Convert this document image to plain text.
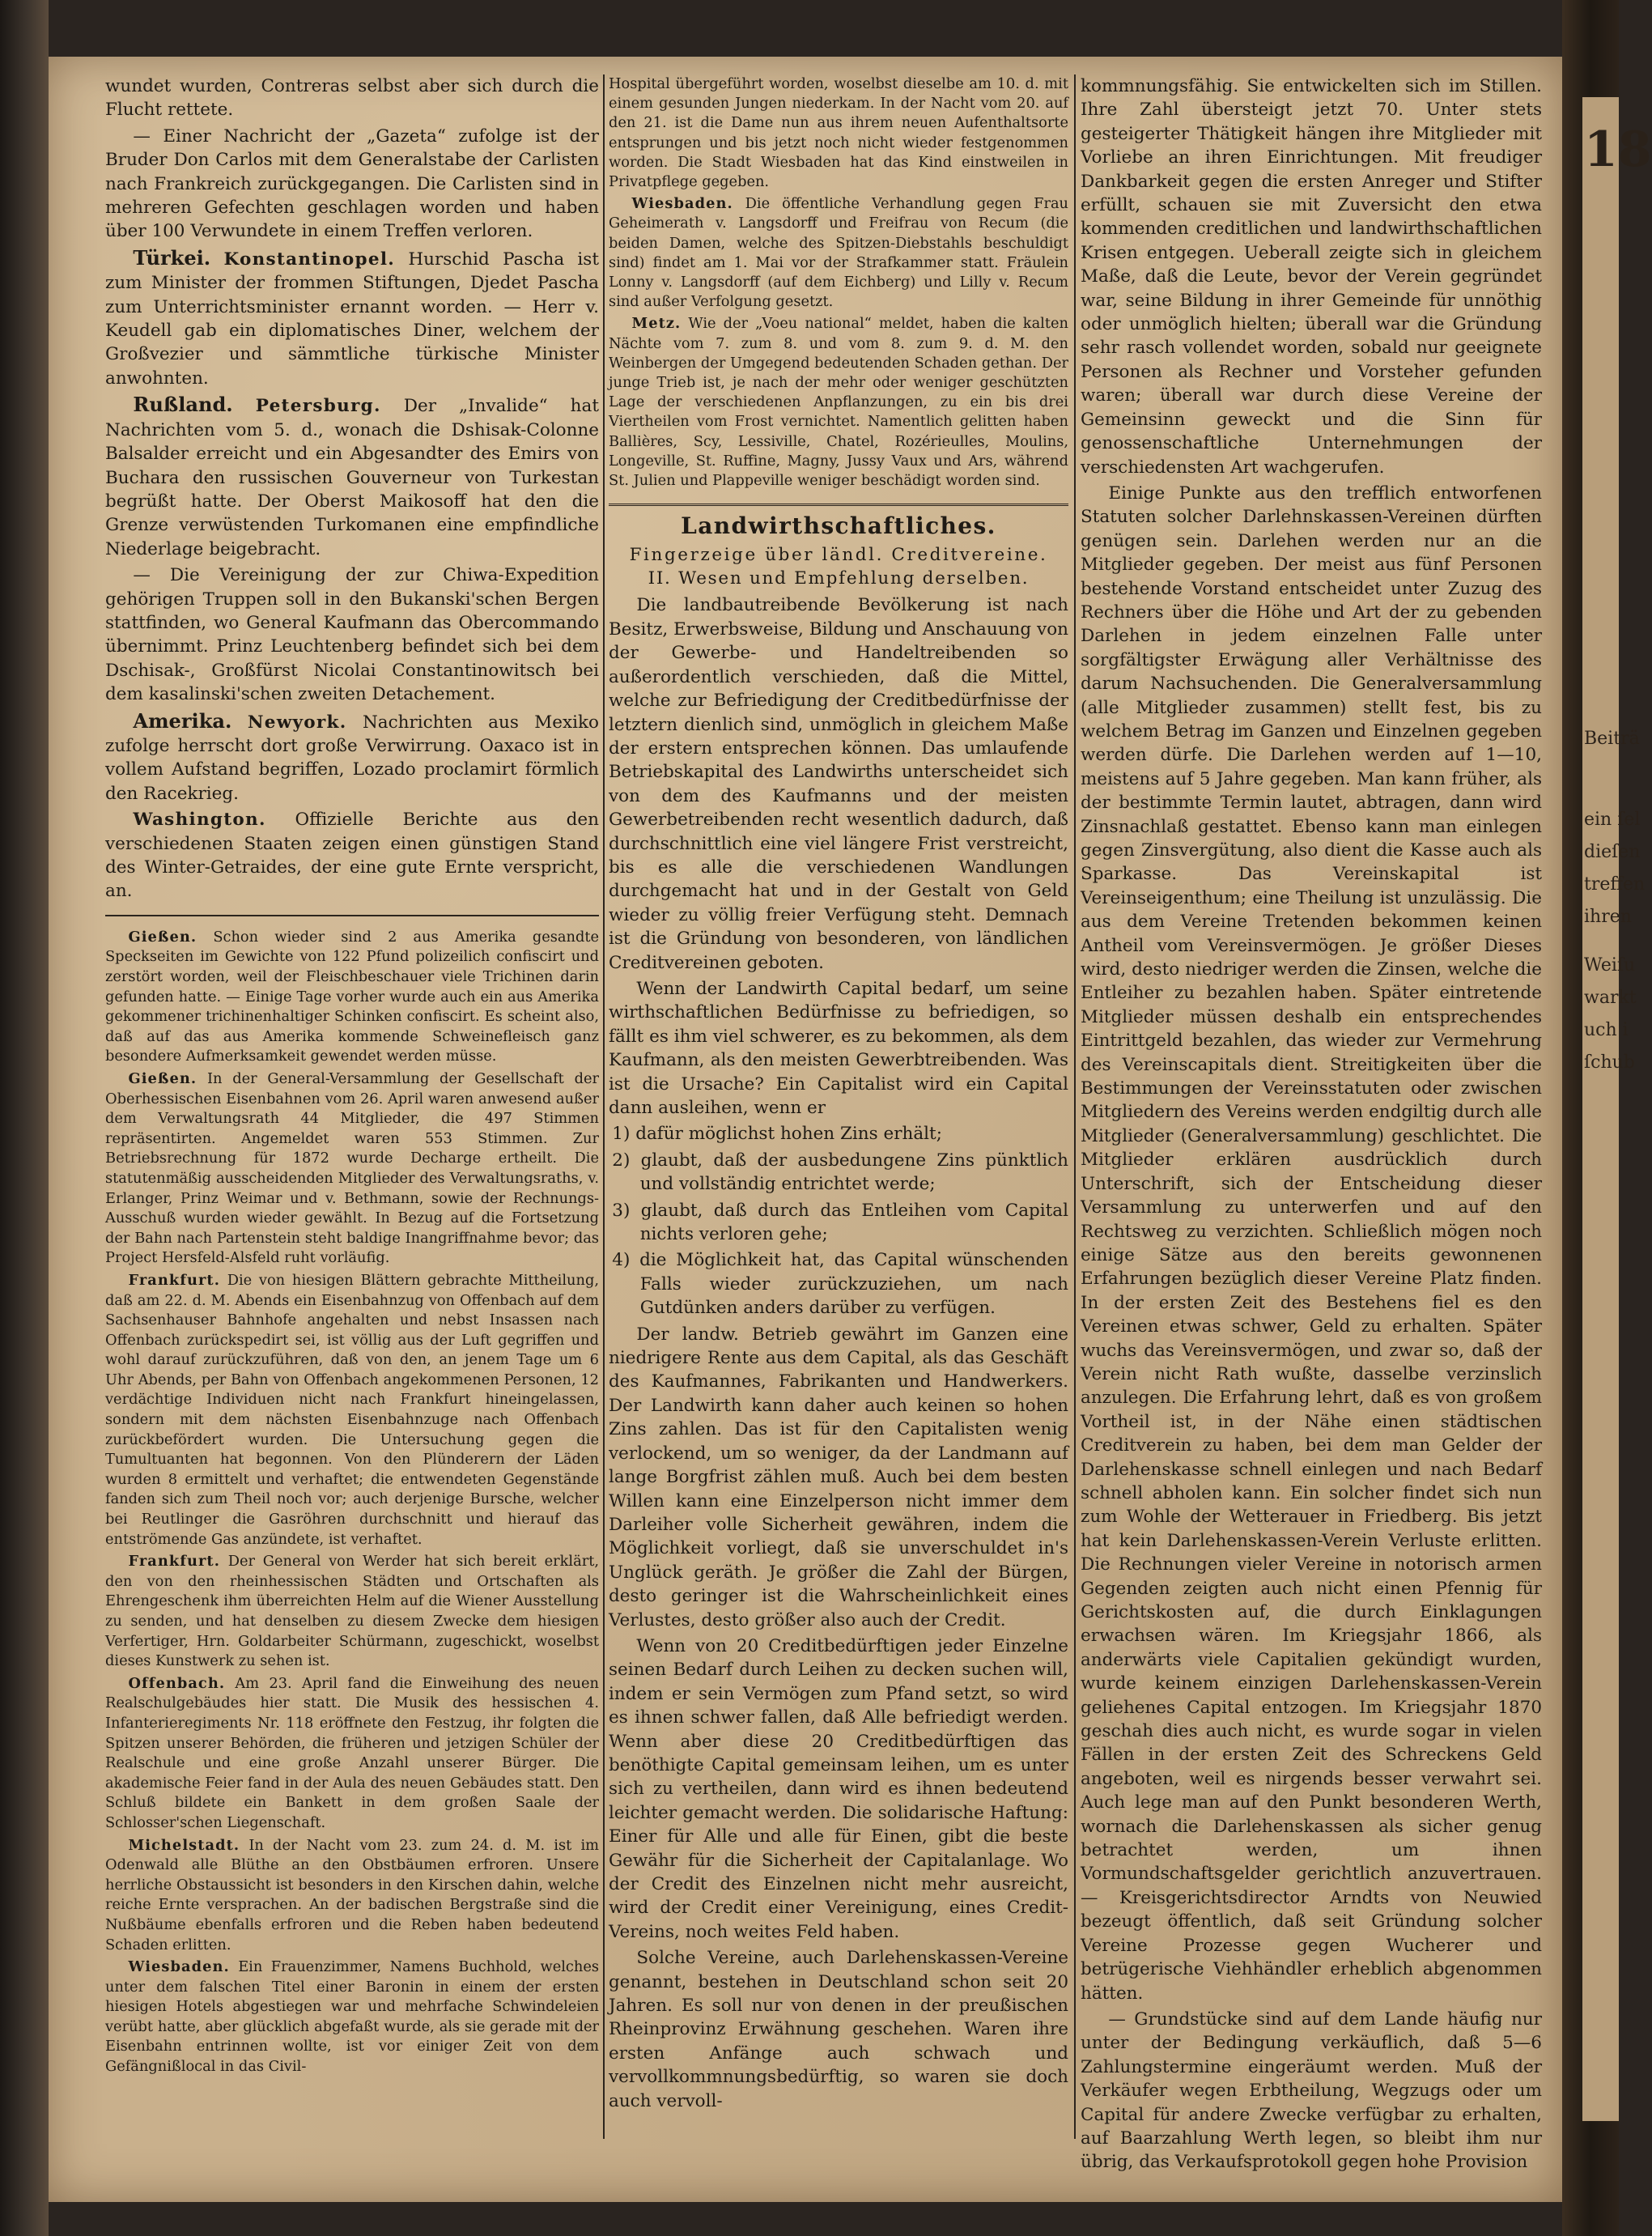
18
Beiträ
ein ſel
dieſen
treffen
ihren
Weiſu
warkt
uch i
ſchub

wundet wurden, Contreras selbst aber sich durch die Flucht rettete.

— Einer Nachricht der „Gazeta“ zufolge ist der Bruder Don Carlos mit dem Generalstabe der Carlisten nach Frankreich zurückgegangen. Die Carlisten sind in mehreren Gefechten geschlagen worden und haben über 100 Verwundete in einem Treffen verloren.

Türkei. Konstantinopel. Hurschid Pascha ist zum Minister der frommen Stiftungen, Djedet Pascha zum Unterrichtsminister ernannt worden. — Herr v. Keudell gab ein diplomatisches Diner, welchem der Großvezier und sämmtliche türkische Minister anwohnten.

Rußland. Petersburg. Der „Invalide“ hat Nachrichten vom 5. d., wonach die Dshisak-Colonne Balsalder erreicht und ein Abgesandter des Emirs von Buchara den russischen Gouverneur von Turkestan begrüßt hatte. Der Oberst Maikosoff hat den die Grenze verwüstenden Turkomanen eine empfindliche Niederlage beigebracht.

— Die Vereinigung der zur Chiwa-Expedition gehörigen Truppen soll in den Bukanski'schen Bergen stattfinden, wo General Kaufmann das Obercommando übernimmt. Prinz Leuchtenberg befindet sich bei dem Dschisak-, Großfürst Nicolai Constantinowitsch bei dem kasalinski'schen zweiten Detachement.

Amerika. Newyork. Nachrichten aus Mexiko zufolge herrscht dort große Verwirrung. Oaxaco ist in vollem Aufstand begriffen, Lozado proclamirt förmlich den Racekrieg.

Washington. Offizielle Berichte aus den verschiedenen Staaten zeigen einen günstigen Stand des Winter-Getraides, der eine gute Ernte verspricht, an.

Gießen. Schon wieder sind 2 aus Amerika gesandte Speckseiten im Gewichte von 122 Pfund polizeilich confiscirt und zerstört worden, weil der Fleischbeschauer viele Trichinen darin gefunden hatte. — Einige Tage vorher wurde auch ein aus Amerika gekommener trichinenhaltiger Schinken confiscirt. Es scheint also, daß auf das aus Amerika kommende Schweinefleisch ganz besondere Aufmerksamkeit gewendet werden müsse.

Gießen. In der General-Versammlung der Gesellschaft der Oberhessischen Eisenbahnen vom 26. April waren anwesend außer dem Verwaltungsrath 44 Mitglieder, die 497 Stimmen repräsentirten. Angemeldet waren 553 Stimmen. Zur Betriebsrechnung für 1872 wurde Decharge ertheilt. Die statutenmäßig ausscheidenden Mitglieder des Verwaltungsraths, v. Erlanger, Prinz Weimar und v. Bethmann, sowie der Rechnungs-Ausschuß wurden wieder gewählt. In Bezug auf die Fortsetzung der Bahn nach Partenstein steht baldige Inangriffnahme bevor; das Project Hersfeld-Alsfeld ruht vorläufig.

Frankfurt. Die von hiesigen Blättern gebrachte Mittheilung, daß am 22. d. M. Abends ein Eisenbahnzug von Offenbach auf dem Sachsenhauser Bahnhofe angehalten und nebst Insassen nach Offenbach zurückspedirt sei, ist völlig aus der Luft gegriffen und wohl darauf zurückzuführen, daß von den, an jenem Tage um 6 Uhr Abends, per Bahn von Offenbach angekommenen Personen, 12 verdächtige Individuen nicht nach Frankfurt hineingelassen, sondern mit dem nächsten Eisenbahnzuge nach Offenbach zurückbefördert wurden. Die Untersuchung gegen die Tumultuanten hat begonnen. Von den Plünderern der Läden wurden 8 ermittelt und verhaftet; die entwendeten Gegenstände fanden sich zum Theil noch vor; auch derjenige Bursche, welcher bei Reutlinger die Gasröhren durchschnitt und hierauf das entströmende Gas anzündete, ist verhaftet.

Frankfurt. Der General von Werder hat sich bereit erklärt, den von den rheinhessischen Städten und Ortschaften als Ehrengeschenk ihm überreichten Helm auf die Wiener Ausstellung zu senden, und hat denselben zu diesem Zwecke dem hiesigen Verfertiger, Hrn. Goldarbeiter Schürmann, zugeschickt, woselbst dieses Kunstwerk zu sehen ist.

Offenbach. Am 23. April fand die Einweihung des neuen Realschulgebäudes hier statt. Die Musik des hessischen 4. Infanterieregiments Nr. 118 eröffnete den Festzug, ihr folgten die Spitzen unserer Behörden, die früheren und jetzigen Schüler der Realschule und eine große Anzahl unserer Bürger. Die akademische Feier fand in der Aula des neuen Gebäudes statt. Den Schluß bildete ein Bankett in dem großen Saale der Schlosser'schen Liegenschaft.

Michelstadt. In der Nacht vom 23. zum 24. d. M. ist im Odenwald alle Blüthe an den Obstbäumen erfroren. Unsere herrliche Obstaussicht ist besonders in den Kirschen dahin, welche reiche Ernte versprachen. An der badischen Bergstraße sind die Nußbäume ebenfalls erfroren und die Reben haben bedeutend Schaden erlitten.

Wiesbaden. Ein Frauenzimmer, Namens Buchhold, welches unter dem falschen Titel einer Baronin in einem der ersten hiesigen Hotels abgestiegen war und mehrfache Schwindeleien verübt hatte, aber glücklich abgefaßt wurde, als sie gerade mit der Eisenbahn entrinnen wollte, ist vor einiger Zeit von dem Gefängnißlocal in das Civil-

Hospital übergeführt worden, woselbst dieselbe am 10. d. mit einem gesunden Jungen niederkam. In der Nacht vom 20. auf den 21. ist die Dame nun aus ihrem neuen Aufenthaltsorte entsprungen und bis jetzt noch nicht wieder festgenommen worden. Die Stadt Wiesbaden hat das Kind einstweilen in Privatpflege gegeben.

Wiesbaden. Die öffentliche Verhandlung gegen Frau Geheimerath v. Langsdorff und Freifrau von Recum (die beiden Damen, welche des Spitzen-Diebstahls beschuldigt sind) findet am 1. Mai vor der Strafkammer statt. Fräulein Lonny v. Langsdorff (auf dem Eichberg) und Lilly v. Recum sind außer Verfolgung gesetzt.

Metz. Wie der „Voeu national“ meldet, haben die kalten Nächte vom 7. zum 8. und vom 8. zum 9. d. M. den Weinbergen der Umgegend bedeutenden Schaden gethan. Der junge Trieb ist, je nach der mehr oder weniger geschützten Lage der verschiedenen Anpflanzungen, zu ein bis drei Viertheilen vom Frost vernichtet. Namentlich gelitten haben Ballières, Scy, Lessiville, Chatel, Rozérieulles, Moulins, Longeville, St. Ruffine, Magny, Jussy Vaux und Ars, während St. Julien und Plappeville weniger beschädigt worden sind.

Landwirthschaftliches.

Fingerzeige über ländl. Creditvereine.

II. Wesen und Empfehlung derselben.

Die landbautreibende Bevölkerung ist nach Besitz, Erwerbsweise, Bildung und Anschauung von der Gewerbe- und Handeltreibenden so außerordentlich verschieden, daß die Mittel, welche zur Befriedigung der Creditbedürfnisse der letztern dienlich sind, unmöglich in gleichem Maße der erstern entsprechen können. Das umlaufende Betriebskapital des Landwirths unterscheidet sich von dem des Kaufmanns und der meisten Gewerbetreibenden recht wesentlich dadurch, daß durchschnittlich eine viel längere Frist verstreicht, bis es alle die verschiedenen Wandlungen durchgemacht hat und in der Gestalt von Geld wieder zu völlig freier Verfügung steht. Demnach ist die Gründung von besonderen, von ländlichen Creditvereinen geboten.

Wenn der Landwirth Capital bedarf, um seine wirthschaftlichen Bedürfnisse zu befriedigen, so fällt es ihm viel schwerer, es zu bekommen, als dem Kaufmann, als den meisten Gewerbtreibenden. Was ist die Ursache? Ein Capitalist wird ein Capital dann ausleihen, wenn er

1) dafür möglichst hohen Zins erhält;

2) glaubt, daß der ausbedungene Zins pünktlich und vollständig entrichtet werde;

3) glaubt, daß durch das Entleihen vom Capital nichts verloren gehe;

4) die Möglichkeit hat, das Capital wünschenden Falls wieder zurückzuziehen, um nach Gutdünken anders darüber zu verfügen.

Der landw. Betrieb gewährt im Ganzen eine niedrigere Rente aus dem Capital, als das Geschäft des Kaufmannes, Fabrikanten und Handwerkers. Der Landwirth kann daher auch keinen so hohen Zins zahlen. Das ist für den Capitalisten wenig verlockend, um so weniger, da der Landmann auf lange Borgfrist zählen muß. Auch bei dem besten Willen kann eine Einzelperson nicht immer dem Darleiher volle Sicherheit gewähren, indem die Möglichkeit vorliegt, daß sie unverschuldet in's Unglück geräth. Je größer die Zahl der Bürgen, desto geringer ist die Wahrscheinlichkeit eines Verlustes, desto größer also auch der Credit.

Wenn von 20 Creditbedürftigen jeder Einzelne seinen Bedarf durch Leihen zu decken suchen will, indem er sein Vermögen zum Pfand setzt, so wird es ihnen schwer fallen, daß Alle befriedigt werden. Wenn aber diese 20 Creditbedürftigen das benöthigte Capital gemeinsam leihen, um es unter sich zu vertheilen, dann wird es ihnen bedeutend leichter gemacht werden. Die solidarische Haftung: Einer für Alle und alle für Einen, gibt die beste Gewähr für die Sicherheit der Capitalanlage. Wo der Credit des Einzelnen nicht mehr ausreicht, wird der Credit einer Vereinigung, eines Credit-Vereins, noch weites Feld haben.

Solche Vereine, auch Darlehenskassen-Vereine genannt, bestehen in Deutschland schon seit 20 Jahren. Es soll nur von denen in der preußischen Rheinprovinz Erwähnung geschehen. Waren ihre ersten Anfänge auch schwach und vervollkommnungsbedürftig, so waren sie doch auch vervoll-

kommnungsfähig. Sie entwickelten sich im Stillen. Ihre Zahl übersteigt jetzt 70. Unter stets gesteigerter Thätigkeit hängen ihre Mitglieder mit Vorliebe an ihren Einrichtungen. Mit freudiger Dankbarkeit gegen die ersten Anreger und Stifter erfüllt, schauen sie mit Zuversicht den etwa kommenden creditlichen und landwirthschaftlichen Krisen entgegen. Ueberall zeigte sich in gleichem Maße, daß die Leute, bevor der Verein gegründet war, seine Bildung in ihrer Gemeinde für unnöthig oder unmöglich hielten; überall war die Gründung sehr rasch vollendet worden, sobald nur geeignete Personen als Rechner und Vorsteher gefunden waren; überall war durch diese Vereine der Gemeinsinn geweckt und die Sinn für genossenschaftliche Unternehmungen der verschiedensten Art wachgerufen.

Einige Punkte aus den trefflich entworfenen Statuten solcher Darlehnskassen-Vereinen dürften genügen sein. Darlehen werden nur an die Mitglieder gegeben. Der meist aus fünf Personen bestehende Vorstand entscheidet unter Zuzug des Rechners über die Höhe und Art der zu gebenden Darlehen in jedem einzelnen Falle unter sorgfältigster Erwägung aller Verhältnisse des darum Nachsuchenden. Die Generalversammlung (alle Mitglieder zusammen) stellt fest, bis zu welchem Betrag im Ganzen und Einzelnen gegeben werden dürfe. Die Darlehen werden auf 1—10, meistens auf 5 Jahre gegeben. Man kann früher, als der bestimmte Termin lautet, abtragen, dann wird Zinsnachlaß gestattet. Ebenso kann man einlegen gegen Zinsvergütung, also dient die Kasse auch als Sparkasse. Das Vereinskapital ist Vereinseigenthum; eine Theilung ist unzulässig. Die aus dem Vereine Tretenden bekommen keinen Antheil vom Vereinsvermögen. Je größer Dieses wird, desto niedriger werden die Zinsen, welche die Entleiher zu bezahlen haben. Später eintretende Mitglieder müssen deshalb ein entsprechendes Eintrittgeld bezahlen, das wieder zur Vermehrung des Vereinscapitals dient. Streitigkeiten über die Bestimmungen der Vereinsstatuten oder zwischen Mitgliedern des Vereins werden endgiltig durch alle Mitglieder (Generalversammlung) geschlichtet. Die Mitglieder erklären ausdrücklich durch Unterschrift, sich der Entscheidung dieser Versammlung zu unterwerfen und auf den Rechtsweg zu verzichten. Schließlich mögen noch einige Sätze aus den bereits gewonnenen Erfahrungen bezüglich dieser Vereine Platz finden. In der ersten Zeit des Bestehens fiel es den Vereinen etwas schwer, Geld zu erhalten. Später wuchs das Vereinsvermögen, und zwar so, daß der Verein nicht Rath wußte, dasselbe verzinslich anzulegen. Die Erfahrung lehrt, daß es von großem Vortheil ist, in der Nähe einen städtischen Creditverein zu haben, bei dem man Gelder der Darlehenskasse schnell einlegen und nach Bedarf schnell abholen kann. Ein solcher findet sich nun zum Wohle der Wetterauer in Friedberg. Bis jetzt hat kein Darlehenskassen-Verein Verluste erlitten. Die Rechnungen vieler Vereine in notorisch armen Gegenden zeigten auch nicht einen Pfennig für Gerichtskosten auf, die durch Einklagungen erwachsen wären. Im Kriegsjahr 1866, als anderwärts viele Capitalien gekündigt wurden, wurde keinem einzigen Darlehenskassen-Verein geliehenes Capital entzogen. Im Kriegsjahr 1870 geschah dies auch nicht, es wurde sogar in vielen Fällen in der ersten Zeit des Schreckens Geld angeboten, weil es nirgends besser verwahrt sei. Auch lege man auf den Punkt besonderen Werth, wornach die Darlehenskassen als sicher genug betrachtet werden, um ihnen Vormundschaftsgelder gerichtlich anzuvertrauen. — Kreisgerichtsdirector Arndts von Neuwied bezeugt öffentlich, daß seit Gründung solcher Vereine Prozesse gegen Wucherer und betrügerische Viehhändler erheblich abgenommen hätten.

— Grundstücke sind auf dem Lande häufig nur unter der Bedingung verkäuflich, daß 5—6 Zahlungstermine eingeräumt werden. Muß der Verkäufer wegen Erbtheilung, Wegzugs oder um Capital für andere Zwecke verfügbar zu erhalten, auf Baarzahlung Werth legen, so bleibt ihm nur übrig, das Verkaufsprotokoll gegen hohe Provision
